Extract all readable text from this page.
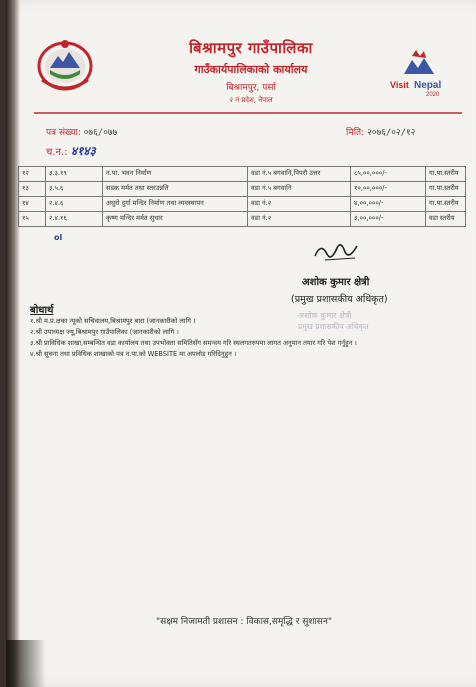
बिश्रामपुर गाउँपालिका
गाउँकार्यपालिकाको कार्यालय
बिश्रामपुर, पर्सा
२ नं प्रदेश, नेपाल
Visit Nepal
2020
पत्र संख्या: ०७६/०७७	मिति: २०७६/०२/१२
च.न.: ४१४३
१२	३.३.१९	न.पा. भवन निर्माण	वडा नं.५ बगवानि,पिपरौ उत्तर	८५,००,०००/-	गा.पा.स्तरीय
१३	३.५.६	सडक मर्मत तथा स्तरउन्नति	वडा नं.५ बगवानि	१०,००,०००/-	गा.पा.स्तरीय
१४	२.४.६	अधुरो दुर्गा मन्दिर निर्माण तथा व्यवस्थापन	वडा नं.२	४,००,०००/-	गा.पा.स्तरीय
१५	२.४.१६	कृष्ण मन्दिर मर्मत सुधार	वडा नं.२	३,००,०००/-	वडा स्तरीय
ol
अशोक कुमार क्षेत्री
(प्रमुख प्रशासकीय अधिकृत)
अशोक कुमार क्षेत्री
प्रमुख प्रशासकीय अधिकृत
बोधार्थ
१.श्री म.प्र.क्षका न्यूको सचिवालय,बिश्रामपुर बारा (जानकारीको लागि ।
२.श्री उपाध्यक्ष ज्यू,बिश्रामपुर गाउँपालिका (जानकारीको लागि ।
३.श्री प्राविधिक शाखा,सम्बन्धित वडा कार्यालय तथा उपभोक्ता समितिसँग समन्वय गरि स्थलगतरुपमा लागत अनुमान तयार गरि पेश गर्नुहुन ।
४.श्री सूचना तथा प्रविधिक शाखाको पत्र न.पा.को WEBSITE मा अपलोड गरिदिनुहुन ।
"सक्षम निजामती प्रशासन : विकास,समृद्धि र सुशासन"
